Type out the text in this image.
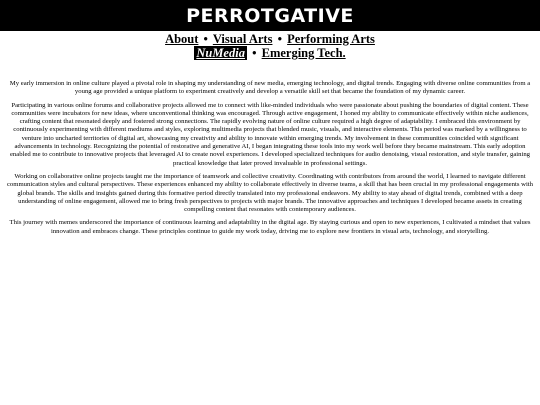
PERROTGATIVE
About • Visual Arts • Performing Arts
NuMedia • Emerging Tech.

My early immersion in online culture played a pivotal role in shaping my understanding of new media, emerging technology, and digital trends. Engaging with diverse online communities from a young age provided a unique platform to experiment creatively and develop a versatile skill set that became the foundation of my dynamic career.

Participating in various online forums and collaborative projects allowed me to connect with like-minded individuals who were passionate about pushing the boundaries of digital content. These communities were incubators for new ideas, where unconventional thinking was encouraged. Through active engagement, I honed my ability to communicate effectively within niche audiences, crafting content that resonated deeply and fostered strong connections. The rapidly evolving nature of online culture required a high degree of adaptability. I embraced this environment by continuously experimenting with different mediums and styles, exploring multimedia projects that blended music, visuals, and interactive elements. This period was marked by a willingness to venture into uncharted territories of digital art, showcasing my creativity and ability to innovate within emerging trends. My involvement in these communities coincided with significant advancements in technology. Recognizing the potential of restorative and generative AI, I began integrating these tools into my work well before they became mainstream. This early adoption enabled me to contribute to innovative projects that leveraged AI to create novel experiences. I developed specialized techniques for audio denoising, visual restoration, and style transfer, gaining practical knowledge that later proved invaluable in professional settings.

Working on collaborative online projects taught me the importance of teamwork and collective creativity. Coordinating with contributors from around the world, I learned to navigate different communication styles and cultural perspectives. These experiences enhanced my ability to collaborate effectively in diverse teams, a skill that has been crucial in my professional engagements with global brands. The skills and insights gained during this formative period directly translated into my professional endeavors. My ability to stay ahead of digital trends, combined with a deep understanding of online engagement, allowed me to bring fresh perspectives to projects with major brands. The innovative approaches and techniques I developed became assets in creating compelling content that resonates with contemporary audiences.

This journey with memes underscored the importance of continuous learning and adaptability in the digital age. By staying curious and open to new experiences, I cultivated a mindset that values innovation and embraces change. These principles continue to guide my work today, driving me to explore new frontiers in visual arts, technology, and storytelling.
